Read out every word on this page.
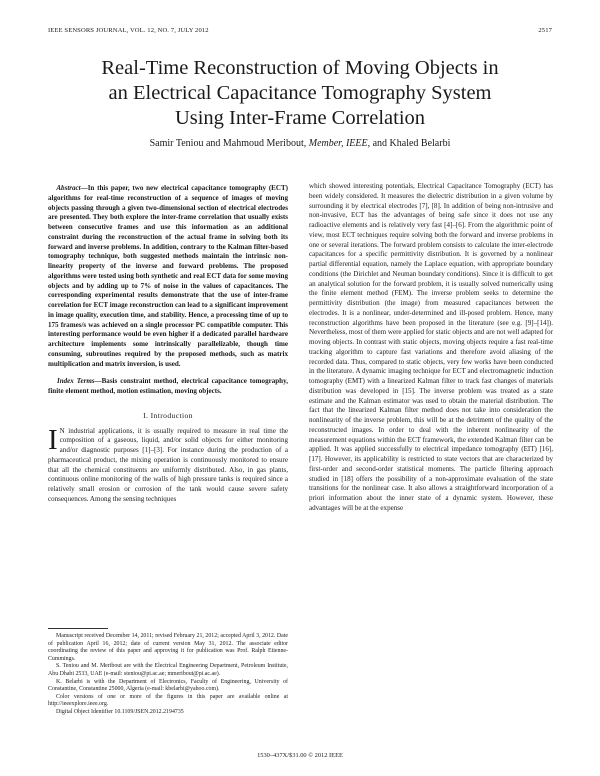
IEEE SENSORS JOURNAL, VOL. 12, NO. 7, JULY 2012	2517
Real-Time Reconstruction of Moving Objects in
an Electrical Capacitance Tomography System
Using Inter-Frame Correlation
Samir Teniou and Mahmoud Meribout, Member, IEEE, and Khaled Belarbi

Abstract—In this paper, two new electrical capacitance tomography (ECT) algorithms for real-time reconstruction of a sequence of images of moving objects passing through a given two-dimensional section of electrical electrodes are presented. They both explore the inter-frame correlation that usually exists between consecutive frames and use this information as an additional constraint during the reconstruction of the actual frame in solving both its forward and inverse problems. In addition, contrary to the Kalman filter-based tomography technique, both suggested methods maintain the intrinsic non-linearity property of the inverse and forward problems. The proposed algorithms were tested using both synthetic and real ECT data for some moving objects and by adding up to 7% of noise in the values of capacitances. The corresponding experimental results demonstrate that the use of inter-frame correlation for ECT image reconstruction can lead to a significant improvement in image quality, execution time, and stability. Hence, a processing time of up to 175 frames/s was achieved on a single processor PC compatible computer. This interesting performance would be even higher if a dedicated parallel hardware architecture implements some intrinsically parallelizable, though time consuming, subroutines required by the proposed methods, such as matrix multiplication and matrix inversion, is used.

Index Terms—Basis constraint method, electrical capacitance tomography, finite element method, motion estimation, moving objects.

I. Introduction

I N industrial applications, it is usually required to measure in real time the composition of a gaseous, liquid, and/or solid objects for either monitoring and/or diagnostic purposes [1]–[3]. For instance during the production of a pharmaceutical product, the mixing operation is continuously monitored to ensure that all the chemical constituents are uniformly distributed. Also, in gas plants, continuous online monitoring of the walls of high pressure tanks is required since a relatively small erosion or corrosion of the tank would cause severe safety consequences. Among the sensing techniques

Manuscript received December 14, 2011; revised February 21, 2012; accepted April 3, 2012. Date of publication April 16, 2012; date of current version May 31, 2012. The associate editor coordinating the review of this paper and approving it for publication was Prof. Ralph Etienne-Cummings.

S. Teniou and M. Meribout are with the Electrical Engineering Department, Petroleum Institute, Abu Dhabi 2533, UAE (e-mail: steniou@pi.ac.ae; mmeribout@pi.ac.ae).

K. Belarbi is with the Department of Electronics, Faculty of Engineering, University of Constantine, Constantine 25000, Algeria (e-mail: kbelarbi@yahoo.com).

Color versions of one or more of the figures in this paper are available online at http://ieeexplore.ieee.org.

Digital Object Identifier 10.1109/JSEN.2012.2194735

which showed interesting potentials, Electrical Capacitance Tomography (ECT) has been widely considered. It measures the dielectric distribution in a given volume by surrounding it by electrical electrodes [7], [8]. In addition of being non-intrusive and non-invasive, ECT has the advantages of being safe since it does not use any radioactive elements and is relatively very fast [4]–[6]. From the algorithmic point of view, most ECT techniques require solving both the forward and inverse problems in one or several iterations. The forward problem consists to calculate the inter-electrode capacitances for a specific permittivity distribution. It is governed by a nonlinear partial differential equation, namely the Laplace equation, with appropriate boundary conditions (the Dirichlet and Neuman boundary conditions). Since it is difficult to get an analytical solution for the forward problem, it is usually solved numerically using the finite element method (FEM). The inverse problem seeks to determine the permittivity distribution (the image) from measured capacitances between the electrodes. It is a nonlinear, under-determined and ill-posed problem. Hence, many reconstruction algorithms have been proposed in the literature (see e.g. [9]–[14]). Nevertheless, most of them were applied for static objects and are not well adapted for moving objects. In contrast with static objects, moving objects require a fast real-time tracking algorithm to capture fast variations and therefore avoid aliasing of the recorded data. Thus, compared to static objects, very few works have been conducted in the literature. A dynamic imaging technique for ECT and electromagnetic induction tomography (EMT) with a linearized Kalman filter to track fast changes of materials distribution was developed in [15]. The inverse problem was treated as a state estimate and the Kalman estimator was used to obtain the material distribution. The fact that the linearized Kalman filter method does not take into consideration the nonlinearity of the inverse problem, this will be at the detriment of the quality of the reconstructed images. In order to deal with the inherent nonlinearity of the measurement equations within the ECT framework, the extended Kalman filter can be applied. It was applied successfully to electrical impedance tomography (EIT) [16], [17]. However, its applicability is restricted to state vectors that are characterized by first-order and second-order statistical moments. The particle filtering approach studied in [18] offers the possibility of a non-approximate evaluation of the state transitions for the nonlinear case. It also allows a straightforward incorporation of a priori information about the inner state of a dynamic system. However, these advantages will be at the expense

1530–437X/$31.00 © 2012 IEEE
